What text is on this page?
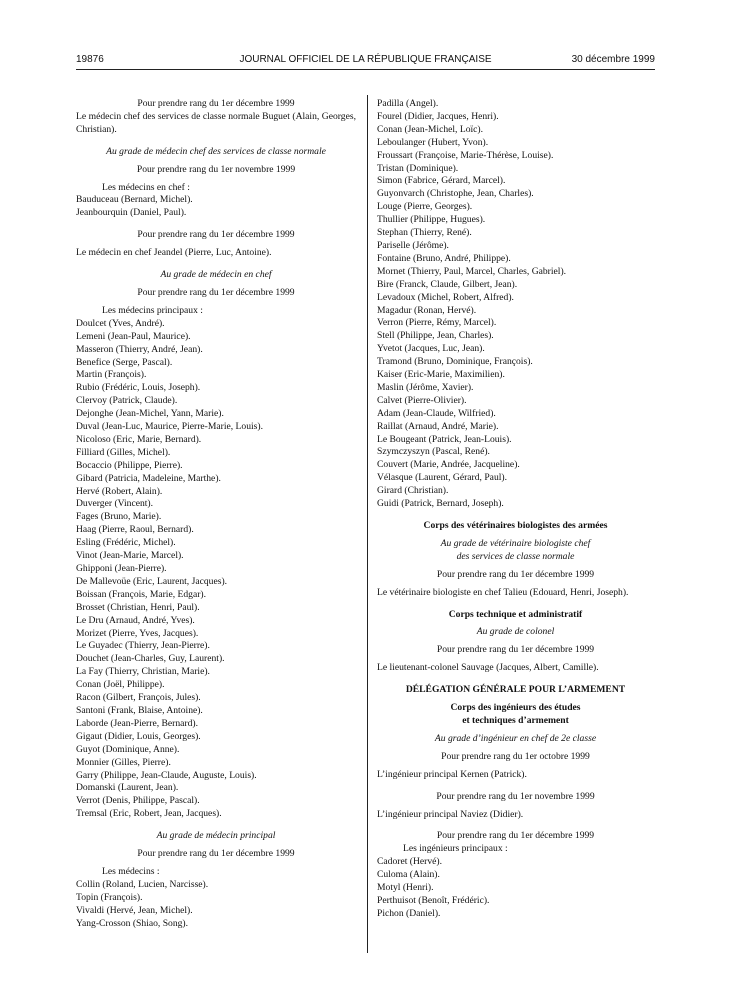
19876	JOURNAL OFFICIEL DE LA RÉPUBLIQUE FRANÇAISE	30 décembre 1999
Pour prendre rang du 1er décembre 1999
Le médecin chef des services de classe normale Buguet (Alain, Georges, Christian).
Au grade de médecin chef des services de classe normale
Pour prendre rang du 1er novembre 1999
Les médecins en chef :
Bauduceau (Bernard, Michel).
Jeanbourquin (Daniel, Paul).
Pour prendre rang du 1er décembre 1999
Le médecin en chef Jeandel (Pierre, Luc, Antoine).
Au grade de médecin en chef
Pour prendre rang du 1er décembre 1999
Les médecins principaux :
Doulcet (Yves, André).
Lemeni (Jean-Paul, Maurice).
Masseron (Thierry, André, Jean).
Benefice (Serge, Pascal).
Martin (François).
Rubio (Frédéric, Louis, Joseph).
Clervoy (Patrick, Claude).
Dejonghe (Jean-Michel, Yann, Marie).
Duval (Jean-Luc, Maurice, Pierre-Marie, Louis).
Nicoloso (Eric, Marie, Bernard).
Filliard (Gilles, Michel).
Bocaccio (Philippe, Pierre).
Gibard (Patricia, Madeleine, Marthe).
Hervé (Robert, Alain).
Duverger (Vincent).
Fages (Bruno, Marie).
Haag (Pierre, Raoul, Bernard).
Esling (Frédéric, Michel).
Vinot (Jean-Marie, Marcel).
Ghipponi (Jean-Pierre).
De Mallevoüe (Eric, Laurent, Jacques).
Boissan (François, Marie, Edgar).
Brosset (Christian, Henri, Paul).
Le Dru (Arnaud, André, Yves).
Morizet (Pierre, Yves, Jacques).
Le Guyadec (Thierry, Jean-Pierre).
Douchet (Jean-Charles, Guy, Laurent).
La Fay (Thierry, Christian, Marie).
Conan (Joël, Philippe).
Racon (Gilbert, François, Jules).
Santoni (Frank, Blaise, Antoine).
Laborde (Jean-Pierre, Bernard).
Gigaut (Didier, Louis, Georges).
Guyot (Dominique, Anne).
Monnier (Gilles, Pierre).
Garry (Philippe, Jean-Claude, Auguste, Louis).
Domanski (Laurent, Jean).
Verrot (Denis, Philippe, Pascal).
Tremsal (Eric, Robert, Jean, Jacques).
Au grade de médecin principal
Pour prendre rang du 1er décembre 1999
Les médecins :
Collin (Roland, Lucien, Narcisse).
Topin (François).
Vivaldi (Hervé, Jean, Michel).
Yang-Crosson (Shiao, Song).
Padilla (Angel).
Fourel (Didier, Jacques, Henri).
Conan (Jean-Michel, Loïc).
Leboulanger (Hubert, Yvon).
Froussart (Françoise, Marie-Thérèse, Louise).
Tristan (Dominique).
Simon (Fabrice, Gérard, Marcel).
Guyonvarch (Christophe, Jean, Charles).
Louge (Pierre, Georges).
Thullier (Philippe, Hugues).
Stephan (Thierry, René).
Pariselle (Jérôme).
Fontaine (Bruno, André, Philippe).
Mornet (Thierry, Paul, Marcel, Charles, Gabriel).
Bire (Franck, Claude, Gilbert, Jean).
Levadoux (Michel, Robert, Alfred).
Magadur (Ronan, Hervé).
Verron (Pierre, Rémy, Marcel).
Stell (Philippe, Jean, Charles).
Yvetot (Jacques, Luc, Jean).
Tramond (Bruno, Dominique, François).
Kaiser (Eric-Marie, Maximilien).
Maslin (Jérôme, Xavier).
Calvet (Pierre-Olivier).
Adam (Jean-Claude, Wilfried).
Raillat (Arnaud, André, Marie).
Le Bougeant (Patrick, Jean-Louis).
Szymczyszyn (Pascal, René).
Couvert (Marie, Andrée, Jacqueline).
Vélasque (Laurent, Gérard, Paul).
Girard (Christian).
Guidi (Patrick, Bernard, Joseph).
Corps des vétérinaires biologistes des armées
Au grade de vétérinaire biologiste chef
des services de classe normale
Pour prendre rang du 1er décembre 1999
Le vétérinaire biologiste en chef Talieu (Edouard, Henri, Joseph).
Corps technique et administratif
Au grade de colonel
Pour prendre rang du 1er décembre 1999
Le lieutenant-colonel Sauvage (Jacques, Albert, Camille).
DÉLÉGATION GÉNÉRALE POUR L’ARMEMENT
Corps des ingénieurs des études
et techniques d’armement
Au grade d’ingénieur en chef de 2e classe
Pour prendre rang du 1er octobre 1999
L’ingénieur principal Kernen (Patrick).
Pour prendre rang du 1er novembre 1999
L’ingénieur principal Naviez (Didier).
Pour prendre rang du 1er décembre 1999
Les ingénieurs principaux :
Cadoret (Hervé).
Culoma (Alain).
Motyl (Henri).
Perthuisot (Benoît, Frédéric).
Pichon (Daniel).
